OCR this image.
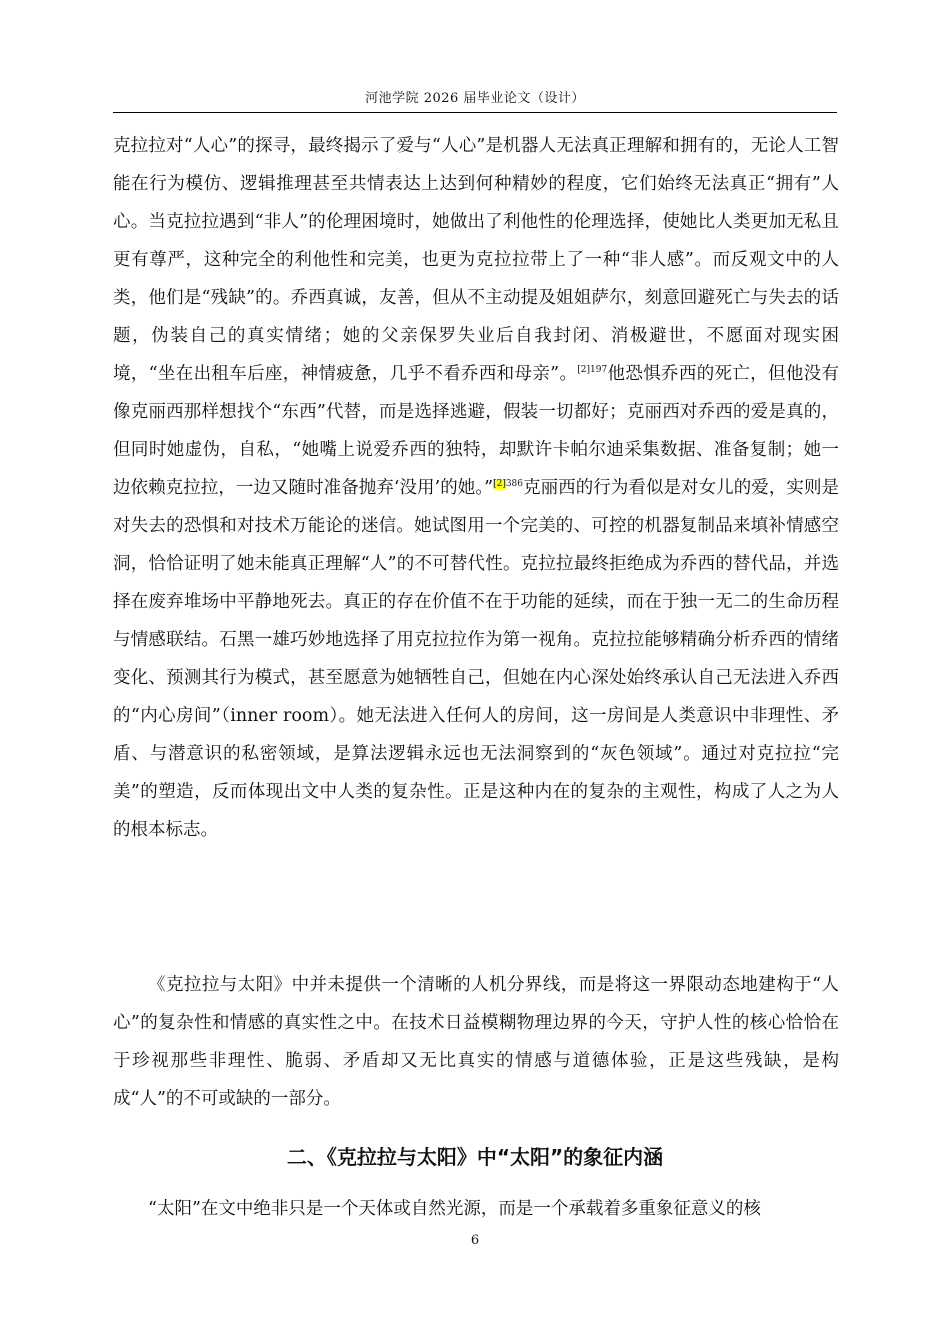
河池学院 2026 届毕业论文（设计）

克拉拉对“人心”的探寻，最终揭示了爱与“人心”是机器人无法真正理解和拥有的，无论人工智能在行为模仿、逻辑推理甚至共情表达上达到何种精妙的程度，它们始终无法真正“拥有”人心。当克拉拉遇到“非人”的伦理困境时，她做出了利他性的伦理选择，使她比人类更加无私且更有尊严，这种完全的利他性和完美，也更为克拉拉带上了一种“非人感”。而反观文中的人类，他们是“残缺”的。乔西真诚，友善，但从不主动提及姐姐萨尔，刻意回避死亡与失去的话题，伪装自己的真实情绪；她的父亲保罗失业后自我封闭、消极避世，不愿面对现实困境，“坐在出租车后座，神情疲惫，几乎不看乔西和母亲”。$^{[2]197}$他恐惧乔西的死亡，但他没有像克丽西那样想找个“东西”代替，而是选择逃避，假装一切都好；克丽西对乔西的爱是真的，但同时她虚伪，自私，“她嘴上说爱乔西的独特，却默许卡帕尔迪采集数据、准备复制；她一边依赖克拉拉，一边又随时准备抛弃‘没用’的她。”$^{[2]386}$克丽西的行为看似是对女儿的爱，实则是对失去的恐惧和对技术万能论的迷信。她试图用一个完美的、可控的机器复制品来填补情感空洞，恰恰证明了她未能真正理解“人”的不可替代性。克拉拉最终拒绝成为乔西的替代品，并选择在废弃堆场中平静地死去。真正的存在价值不在于功能的延续，而在于独一无二的生命历程与情感联结。石黑一雄巧妙地选择了用克拉拉作为第一视角。克拉拉能够精确分析乔西的情绪变化、预测其行为模式，甚至愿意为她牺牲自己，但她在内心深处始终承认自己无法进入乔西的“内心房间”（inner room）。她无法进入任何人的房间，这一房间是人类意识中非理性、矛盾、与潜意识的私密领域，是算法逻辑永远也无法洞察到的“灰色领域”。通过对克拉拉“完美”的塑造，反而体现出文中人类的复杂性。正是这种内在的复杂的主观性，构成了人之为人的根本标志。

《克拉拉与太阳》中并未提供一个清晰的人机分界线，而是将这一界限动态地建构于“人心”的复杂性和情感的真实性之中。在技术日益模糊物理边界的今天，守护人性的核心恰恰在于珍视那些非理性、脆弱、矛盾却又无比真实的情感与道德体验，正是这些残缺，是构成“人”的不可或缺的一部分。

二、《克拉拉与太阳》中“太阳”的象征内涵

“太阳”在文中绝非只是一个天体或自然光源，而是一个承载着多重象征意义的核

6
